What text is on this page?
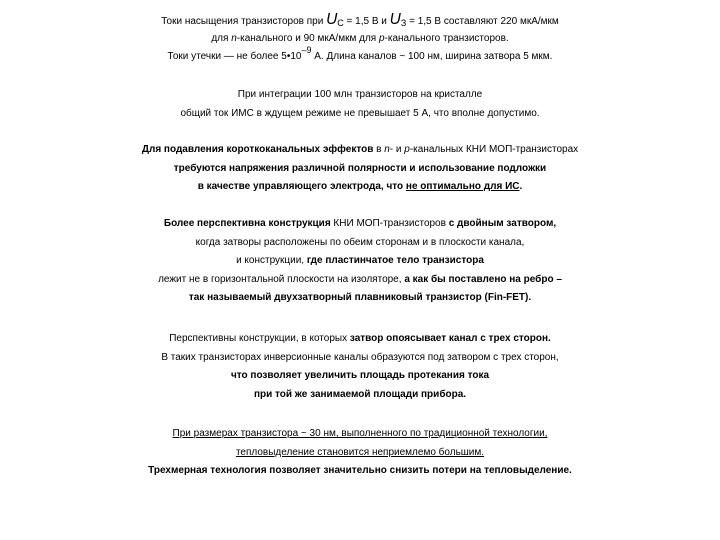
Токи насыщения транзисторов при $U_С = 1,5$ В и $U_З = 1,5$ В составляют 220 мкА/мкм
для n-канального и 90 мкА/мкм для р-канального транзисторов.
Токи утечки — не более $5•10^{-9}$ А. Длина каналов ~ 100 нм, ширина затвора 5 мкм.
При интеграции 100 млн транзисторов на кристалле
общий ток ИМС в ждущем режиме не превышает 5 А, что вполне допустимо.
Для подавления короткоканальных эффектов в n- и р-канальных КНИ МОП-транзисторах
требуются напряжения различной полярности и использование подложки
в качестве управляющего электрода, что не оптимально для ИС.
Более перспективна конструкция КНИ МОП-транзисторов с двойным затвором,
когда затворы расположены по обеим сторонам и в плоскости канала,
и конструкции, где пластинчатое тело транзистора
лежит не в горизонтальной плоскости на изоляторе, а как бы поставлено на ребро –
так называемый двухзатворный плавниковый транзистор (Fin-FET).
Перспективны конструкции, в которых затвор опоясывает канал с трех сторон.
В таких транзисторах инверсионные каналы образуются под затвором с трех сторон,
что позволяет увеличить площадь протекания тока
при той же занимаемой площади прибора.
При размерах транзистора ~ 30 нм, выполненного по традиционной технологии,
тепловыделение становится неприемлемо большим.
Трехмерная технология позволяет значительно снизить потери на тепловыделение.
